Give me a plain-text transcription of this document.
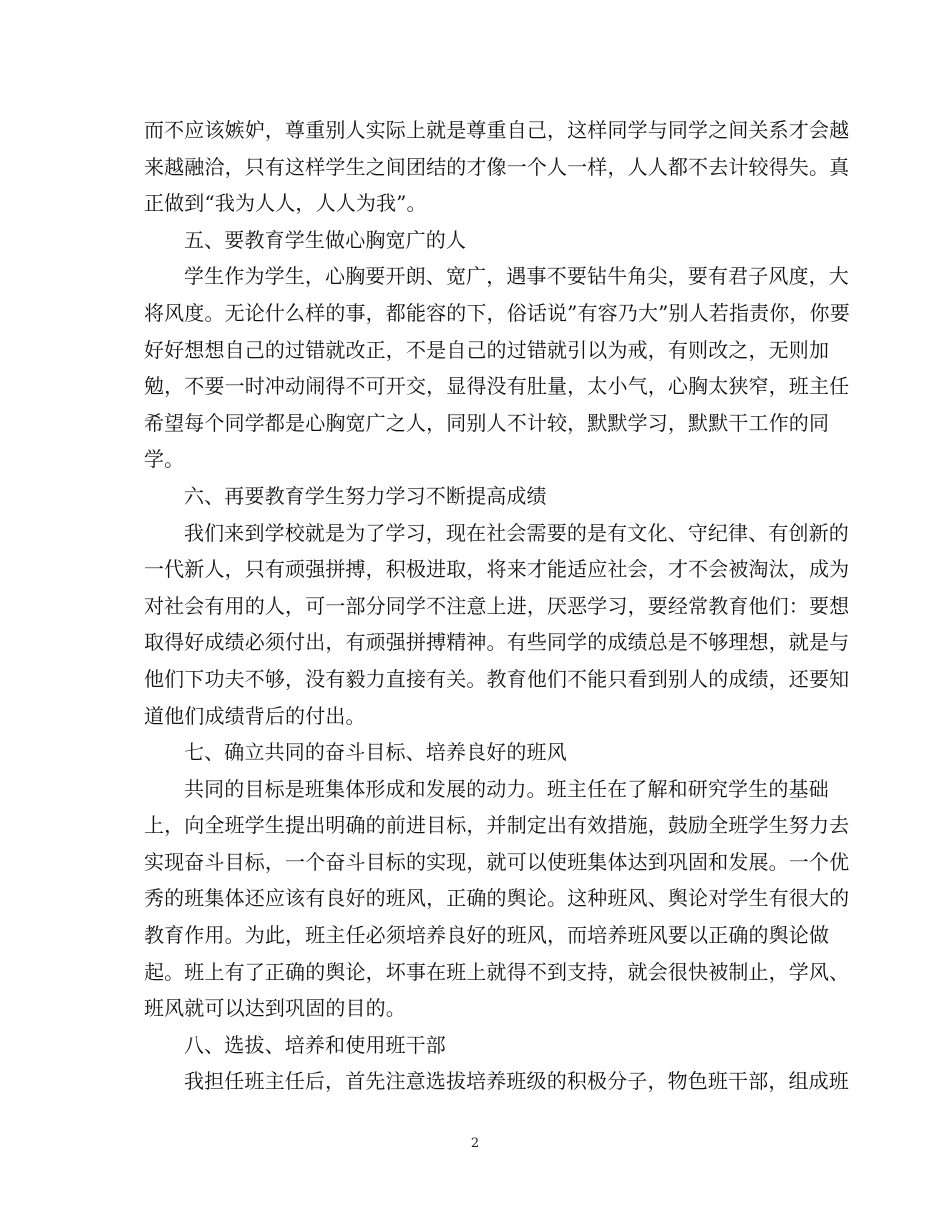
而不应该嫉妒，尊重别人实际上就是尊重自己，这样同学与同学之间关系才会越
来越融洽，只有这样学生之间团结的才像一个人一样，人人都不去计较得失。真
正做到“我为人人，人人为我”。
五、要教育学生做心胸宽广的人
学生作为学生，心胸要开朗、宽广，遇事不要钻牛角尖，要有君子风度，大
将风度。无论什么样的事，都能容的下，俗话说”有容乃大”别人若指责你，你要
好好想想自己的过错就改正，不是自己的过错就引以为戒，有则改之，无则加
勉，不要一时冲动闹得不可开交，显得没有肚量，太小气，心胸太狭窄，班主任
希望每个同学都是心胸宽广之人，同别人不计较，默默学习，默默干工作的同
学。
六、再要教育学生努力学习不断提高成绩
我们来到学校就是为了学习，现在社会需要的是有文化、守纪律、有创新的
一代新人，只有顽强拼搏，积极进取，将来才能适应社会，才不会被淘汰，成为
对社会有用的人，可一部分同学不注意上进，厌恶学习，要经常教育他们：要想
取得好成绩必须付出，有顽强拼搏精神。有些同学的成绩总是不够理想，就是与
他们下功夫不够，没有毅力直接有关。教育他们不能只看到别人的成绩，还要知
道他们成绩背后的付出。
七、确立共同的奋斗目标、培养良好的班风
共同的目标是班集体形成和发展的动力。班主任在了解和研究学生的基础
上，向全班学生提出明确的前进目标，并制定出有效措施，鼓励全班学生努力去
实现奋斗目标，一个奋斗目标的实现，就可以使班集体达到巩固和发展。一个优
秀的班集体还应该有良好的班风，正确的舆论。这种班风、舆论对学生有很大的
教育作用。为此，班主任必须培养良好的班风，而培养班风要以正确的舆论做
起。班上有了正确的舆论，坏事在班上就得不到支持，就会很快被制止，学风、
班风就可以达到巩固的目的。
八、选拔、培养和使用班干部
我担任班主任后，首先注意选拔培养班级的积极分子，物色班干部，组成班
2
